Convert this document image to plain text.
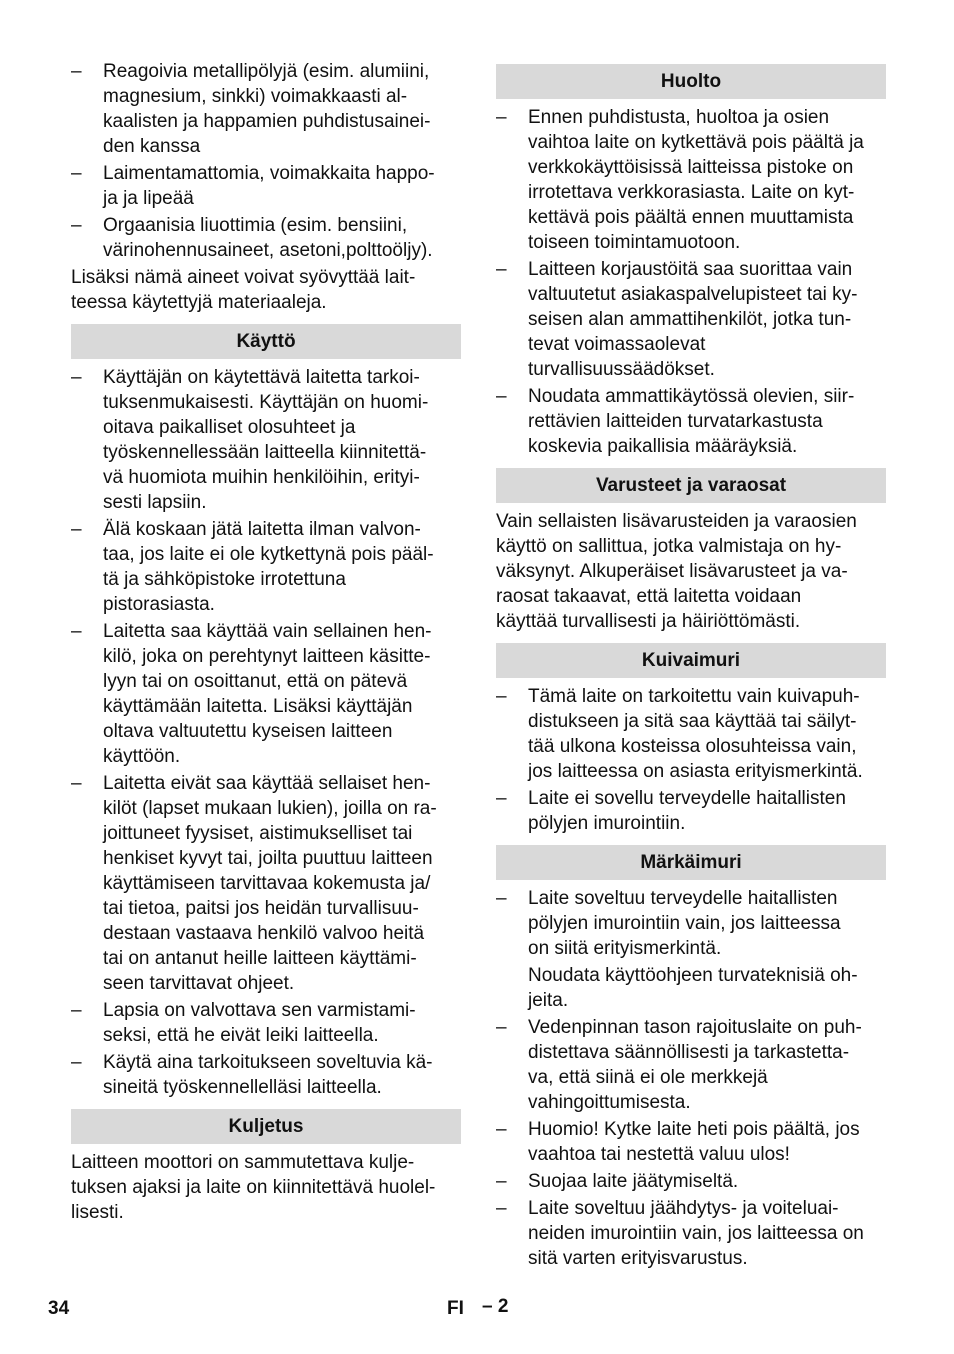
–	Reagoivia metallipölyjä (esim. alumiini,
magnesium, sinkki) voimakkaasti al-
kaalisten ja happamien puhdistusainei-
den kanssa
–	Laimentamattomia, voimakkaita happo-
ja ja lipeää
–	Orgaanisia liuottimia (esim. bensiini,
värinohennusaineet, asetoni,polttoöljy).

Lisäksi nämä aineet voivat syövyttää lait-
teessa käytettyjä materiaaleja.

Käyttö
–	Käyttäjän on käytettävä laitetta tarkoi-
tuksenmukaisesti. Käyttäjän on huomi-
oitava paikalliset olosuhteet ja
työskennellessään laitteella kiinnitettä-
vä huomiota muihin henkilöihin, erityi-
sesti lapsiin.
–	Älä koskaan jätä laitetta ilman valvon-
taa, jos laite ei ole kytkettynä pois pääl-
tä ja sähköpistoke irrotettuna
pistorasiasta.
–	Laitetta saa käyttää vain sellainen hen-
kilö, joka on perehtynyt laitteen käsitte-
lyyn tai on osoittanut, että on pätevä
käyttämään laitetta. Lisäksi käyttäjän
oltava valtuutettu kyseisen laitteen
käyttöön.
–	Laitetta eivät saa käyttää sellaiset hen-
kilöt (lapset mukaan lukien), joilla on ra-
joittuneet fyysiset, aistimukselliset tai
henkiset kyvyt tai, joilta puuttuu laitteen
käyttämiseen tarvittavaa kokemusta ja/
tai tietoa, paitsi jos heidän turvallisuu-
destaan vastaava henkilö valvoo heitä
tai on antanut heille laitteen käyttämi-
seen tarvittavat ohjeet.
–	Lapsia on valvottava sen varmistami-
seksi, että he eivät leiki laitteella.
–	Käytä aina tarkoitukseen soveltuvia kä-
sineitä työskennellelläsi laitteella.
Kuljetus

Laitteen moottori on sammutettava kulje-
tuksen ajaksi ja laite on kiinnitettävä huolel-
lisesti.

Huolto
–	Ennen puhdistusta, huoltoa ja osien
vaihtoa laite on kytkettävä pois päältä ja
verkkokäyttöisissä laitteissa pistoke on
irrotettava verkkorasiasta. Laite on kyt-
kettävä pois päältä ennen muuttamista
toiseen toimintamuotoon.
–	Laitteen korjaustöitä saa suorittaa vain
valtuutetut asiakaspalvelupisteet tai ky-
seisen alan ammattihenkilöt, jotka tun-
tevat voimassaolevat
turvallisuussäädökset.
–	Noudata ammattikäytössä olevien, siir-
rettävien laitteiden turvatarkastusta
koskevia paikallisia määräyksiä.
Varusteet ja varaosat

Vain sellaisten lisävarusteiden ja varaosien
käyttö on sallittua, jotka valmistaja on hy-
väksynyt. Alkuperäiset lisävarusteet ja va-
raosat takaavat, että laitetta voidaan
käyttää turvallisesti ja häiriöttömästi.

Kuivaimuri
–	Tämä laite on tarkoitettu vain kuivapuh-
distukseen ja sitä saa käyttää tai säilyt-
tää ulkona kosteissa olosuhteissa vain,
jos laitteessa on asiasta erityismerkintä.
–	Laite ei sovellu terveydelle haitallisten
pölyjen imurointiin.
Märkäimuri
–	Laite soveltuu terveydelle haitallisten
pölyjen imurointiin vain, jos laitteessa
on siitä erityismerkintä.
Noudata käyttöohjeen turvateknisiä oh-
jeita.
–	Vedenpinnan tason rajoituslaite on puh-
distettava säännöllisesti ja tarkastetta-
va, että siinä ei ole merkkejä
vahingoittumisesta.
–	Huomio! Kytke laite heti pois päältä, jos
vaahtoa tai nestettä valuu ulos!
–	Suojaa laite jäätymiseltä.
–	Laite soveltuu jäähdytys- ja voiteluai-
neiden imurointiin vain, jos laitteessa on
sitä varten erityisvarustus.
34	FI – 2
